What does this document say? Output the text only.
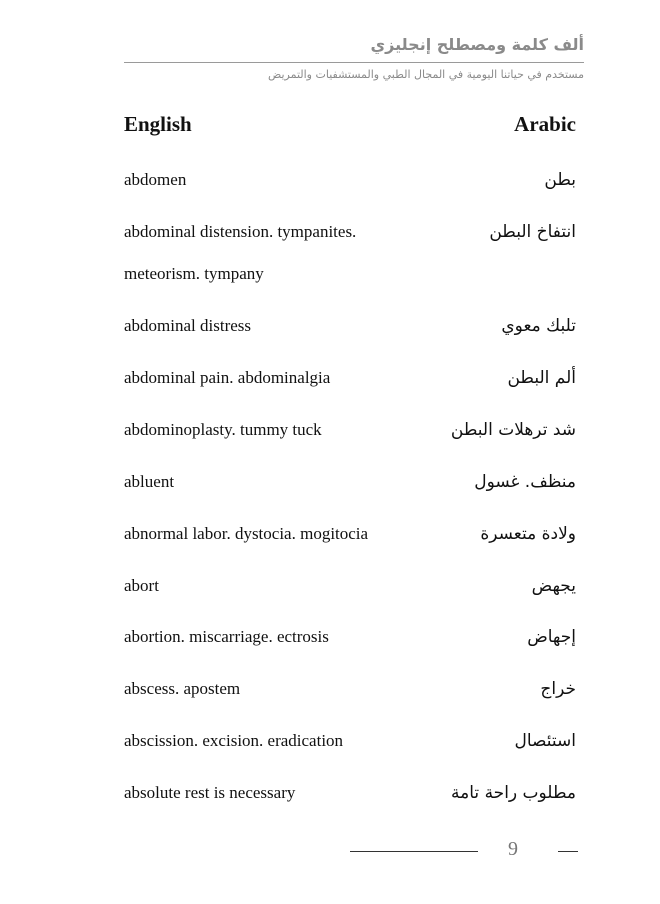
ألف كلمة ومصطلح إنجليزي
مستخدم في حياتنا اليومية في المجال الطبي والمستشفيات والتمريض
English	Arabic
abdomen	بطن
abdominal distension. tympanites.	انتفاخ البطن
meteorism. tympany
abdominal distress	تلبك معوي
abdominal pain. abdominalgia	ألم البطن
abdominoplasty. tummy tuck	شد ترهلات البطن
abluent	منظف. غسول
abnormal labor. dystocia. mogitocia	ولادة متعسرة
abort	يجهض
abortion. miscarriage. ectrosis	إجهاض
abscess. apostem	خراج
abscission. excision. eradication	استئصال
absolute rest is necessary	مطلوب راحة تامة
9
